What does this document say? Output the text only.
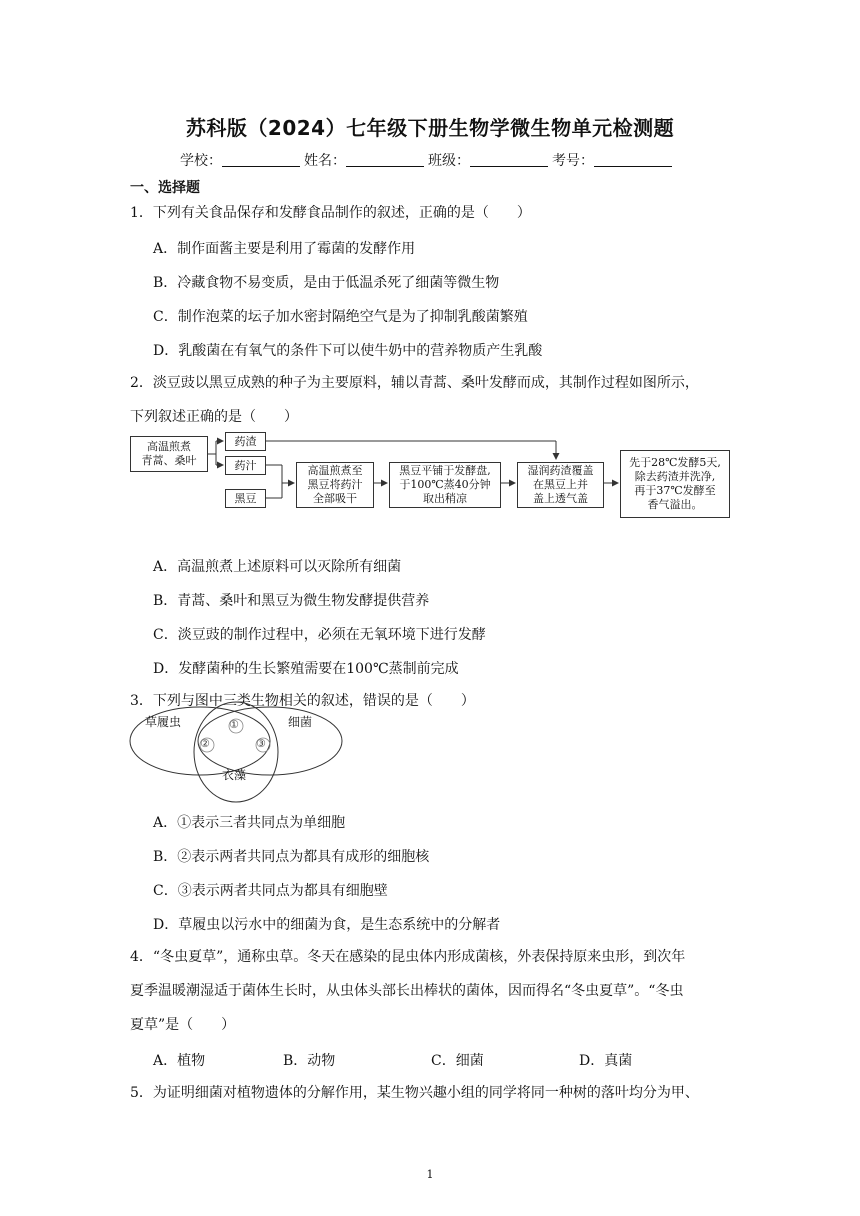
苏科版（2024）七年级下册生物学微生物单元检测题
学校：	姓名：	班级：	考号：
一、选择题
1．下列有关食品保存和发酵食品制作的叙述，正确的是（　　）
A．制作面酱主要是利用了霉菌的发酵作用
B．冷藏食物不易变质，是由于低温杀死了细菌等微生物
C．制作泡菜的坛子加水密封隔绝空气是为了抑制乳酸菌繁殖
D．乳酸菌在有氧气的条件下可以使牛奶中的营养物质产生乳酸
2．淡豆豉以黑豆成熟的种子为主要原料，辅以青蒿、桑叶发酵而成，其制作过程如图所示，
下列叙述正确的是（　　）
高温煎煮
青蒿、桑叶
药渣
药汁
黑豆
高温煎煮至
黑豆将药汁
全部吸干
黑豆平铺于发酵盘,
于100℃蒸40分钟
取出稍凉
湿润药渣覆盖
在黑豆上并
盖上透气盖
先于28℃发酵5天,
除去药渣并洗净,
再于37℃发酵至
香气溢出。
A．高温煎煮上述原料可以灭除所有细菌
B．青蒿、桑叶和黑豆为微生物发酵提供营养
C．淡豆豉的制作过程中，必须在无氧环境下进行发酵
D．发酵菌种的生长繁殖需要在100℃蒸制前完成
3．下列与图中三类生物相关的叙述，错误的是（　　）
草履虫	细菌
衣藻
①
②	③
A．①表示三者共同点为单细胞
B．②表示两者共同点为都具有成形的细胞核
C．③表示两者共同点为都具有细胞壁
D．草履虫以污水中的细菌为食，是生态系统中的分解者
4．“冬虫夏草”，通称虫草。冬天在感染的昆虫体内形成菌核，外表保持原来虫形，到次年
夏季温暖潮湿适于菌体生长时，从虫体头部长出棒状的菌体，因而得名“冬虫夏草”。“冬虫
夏草”是（　　）
A．植物	B．动物	C．细菌	D．真菌
5．为证明细菌对植物遗体的分解作用，某生物兴趣小组的同学将同一种树的落叶均分为甲、
1
